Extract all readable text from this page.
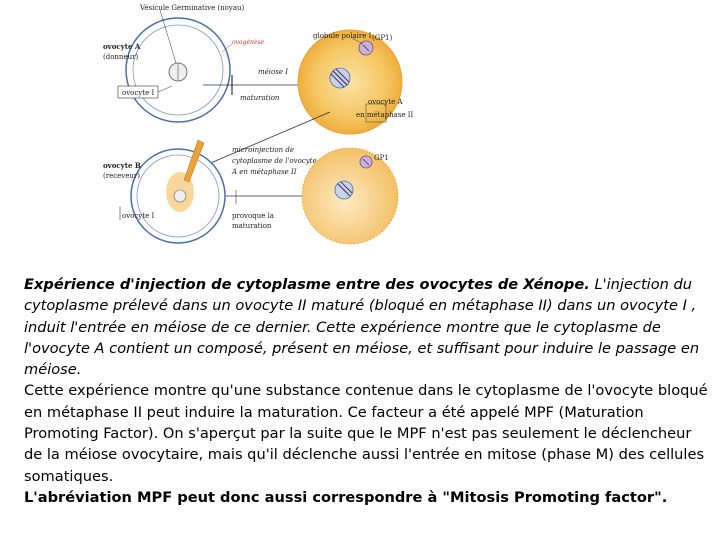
Vésicule Germinative (noyau)
ovogénèse
ovocyte A
(donneur)
ovocyte I
méiose I
maturation
globule polaire I (GP1)
ovocyte A
en métaphase II
microinjection de
cytoplasme de l'ovocyte
A en métaphase II
ovocyte B
(receveur)
ovocyte I	provoque la
maturation
GP1

Expérience d'injection de cytoplasme entre des ovocytes de Xénope. L'injection du cytoplasme prélevé dans un ovocyte II maturé (bloqué en métaphase II) dans un ovocyte I , induit l'entrée en méiose de ce dernier. Cette expérience montre que le cytoplasme de l'ovocyte A contient un composé, présent en méiose, et suffisant pour induire le passage en méiose.

Cette expérience montre qu'une substance contenue dans le cytoplasme de l'ovocyte bloqué en métaphase II peut induire la maturation. Ce facteur a été appelé MPF (Maturation Promoting Factor). On s'aperçut par la suite que le MPF n'est pas seulement le déclencheur de la méiose ovocytaire, mais qu'il déclenche aussi l'entrée en mitose (phase M) des cellules somatiques.

L'abréviation MPF peut donc aussi correspondre à "Mitosis Promoting factor".
